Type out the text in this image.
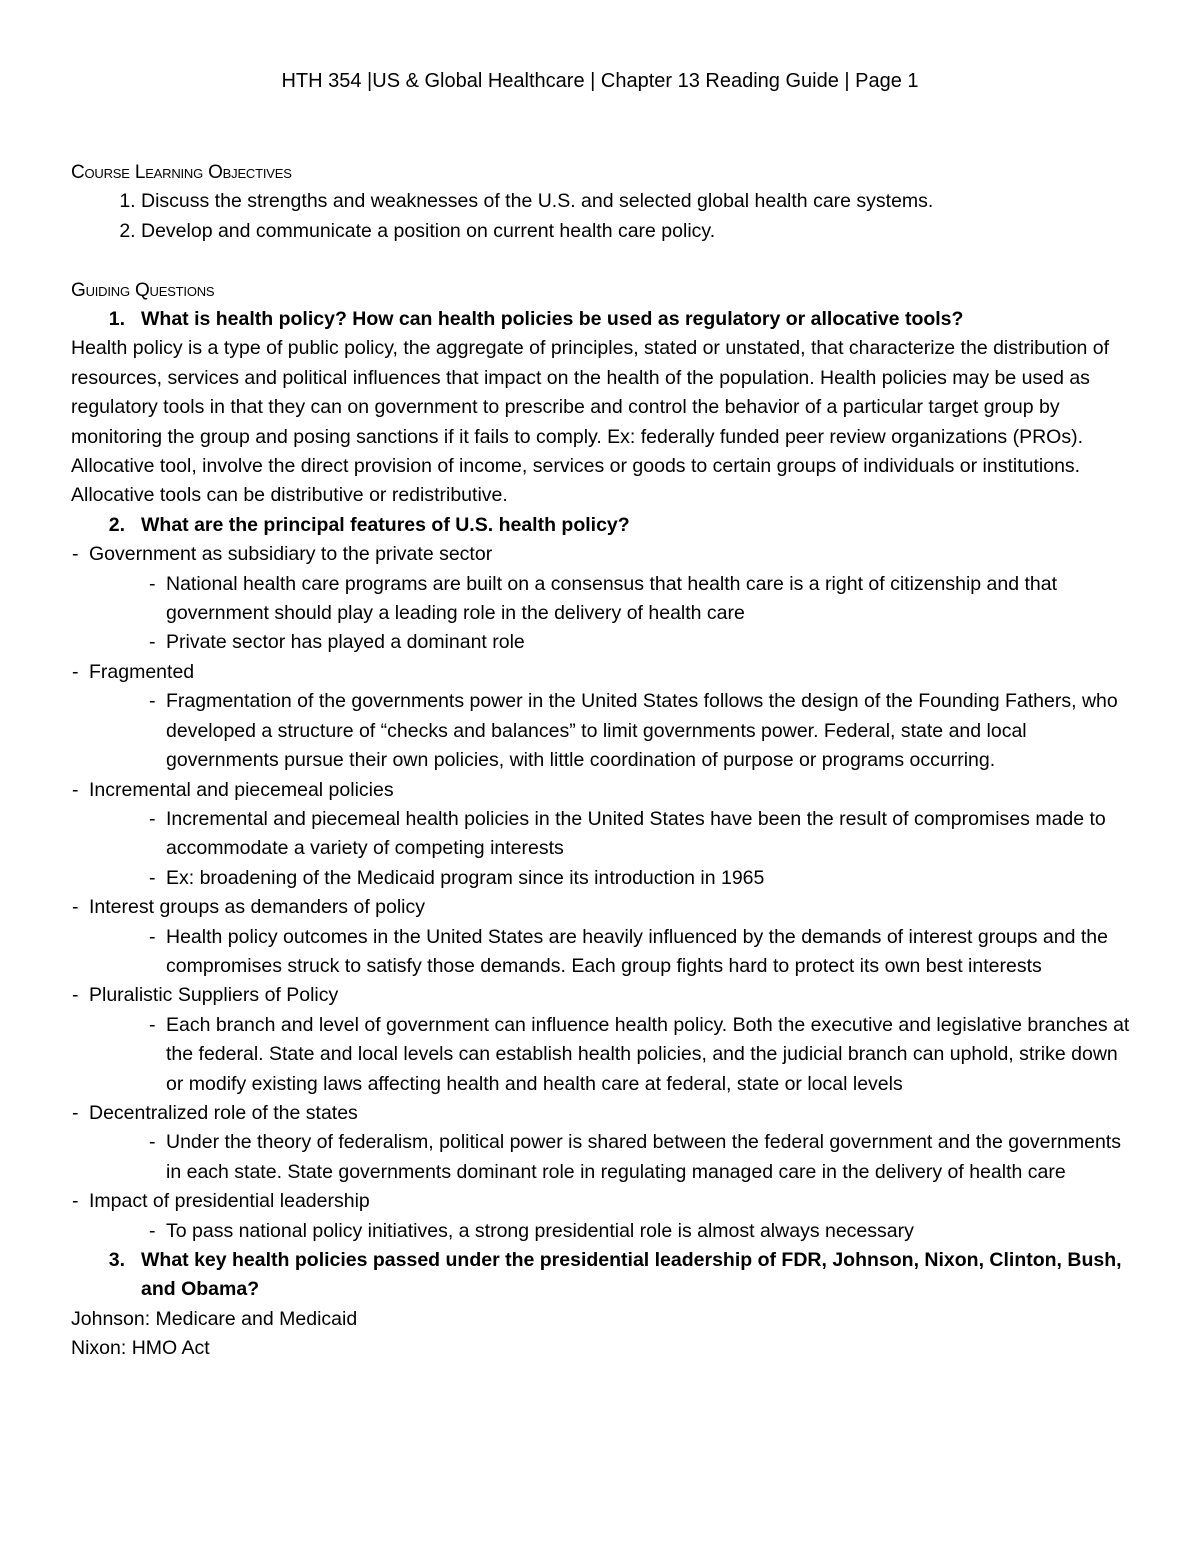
HTH 354 |US & Global Healthcare | Chapter 13 Reading Guide | Page 1

Course Learning Objectives

1. Discuss the strengths and weaknesses of the U.S. and selected global health care systems.
2. Develop and communicate a position on current health care policy.

Guiding Questions

1. What is health policy? How can health policies be used as regulatory or allocative tools?

Health policy is a type of public policy, the aggregate of principles, stated or unstated, that characterize the distribution of resources, services and political influences that impact on the health of the population. Health policies may be used as regulatory tools in that they can on government to prescribe and control the behavior of a particular target group by monitoring the group and posing sanctions if it fails to comply. Ex: federally funded peer review organizations (PROs). Allocative tool, involve the direct provision of income, services or goods to certain groups of individuals or institutions. Allocative tools can be distributive or redistributive.

2. What are the principal features of U.S. health policy?
- Government as subsidiary to the private sector
- National health care programs are built on a consensus that health care is a right of citizenship and that government should play a leading role in the delivery of health care
- Private sector has played a dominant role
- Fragmented
- Fragmentation of the governments power in the United States follows the design of the Founding Fathers, who developed a structure of “checks and balances” to limit governments power. Federal, state and local governments pursue their own policies, with little coordination of purpose or programs occurring.
- Incremental and piecemeal policies
- Incremental and piecemeal health policies in the United States have been the result of compromises made to accommodate a variety of competing interests
- Ex: broadening of the Medicaid program since its introduction in 1965
- Interest groups as demanders of policy
- Health policy outcomes in the United States are heavily influenced by the demands of interest groups and the compromises struck to satisfy those demands. Each group fights hard to protect its own best interests
- Pluralistic Suppliers of Policy
- Each branch and level of government can influence health policy. Both the executive and legislative branches at the federal. State and local levels can establish health policies, and the judicial branch can uphold, strike down or modify existing laws affecting health and health care at federal, state or local levels
- Decentralized role of the states
- Under the theory of federalism, political power is shared between the federal government and the governments in each state. State governments dominant role in regulating managed care in the delivery of health care
- Impact of presidential leadership
- To pass national policy initiatives, a strong presidential role is almost always necessary
3. What key health policies passed under the presidential leadership of FDR, Johnson, Nixon, Clinton, Bush, and Obama?

Johnson: Medicare and Medicaid

Nixon: HMO Act
